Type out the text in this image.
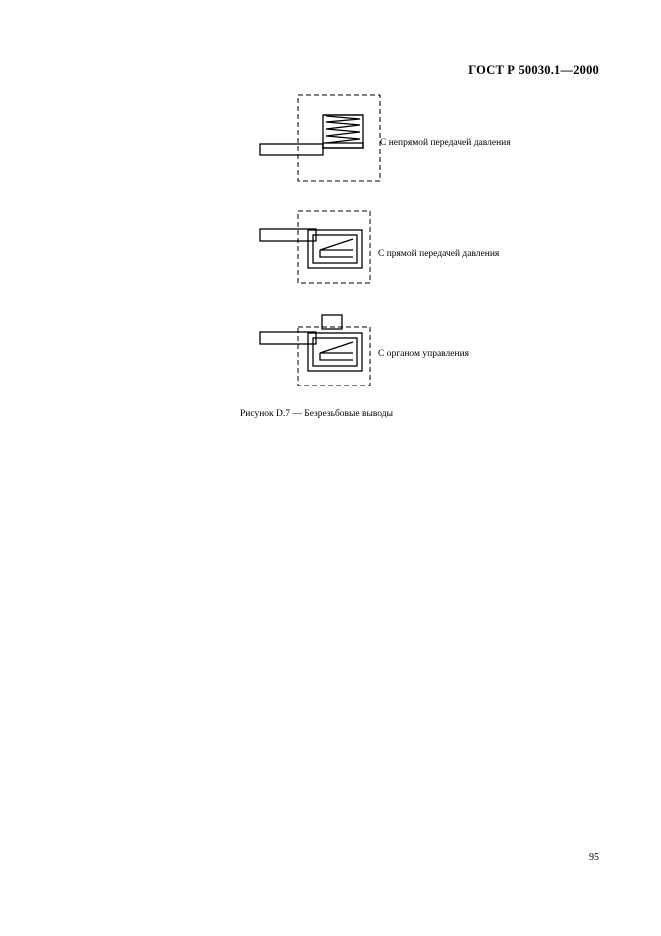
ГОСТ Р 50030.1—2000
С непрямой передачей давления
С прямой передачей давления
С органом управления
Рисунок D.7 — Безрезьбовые выводы
95
